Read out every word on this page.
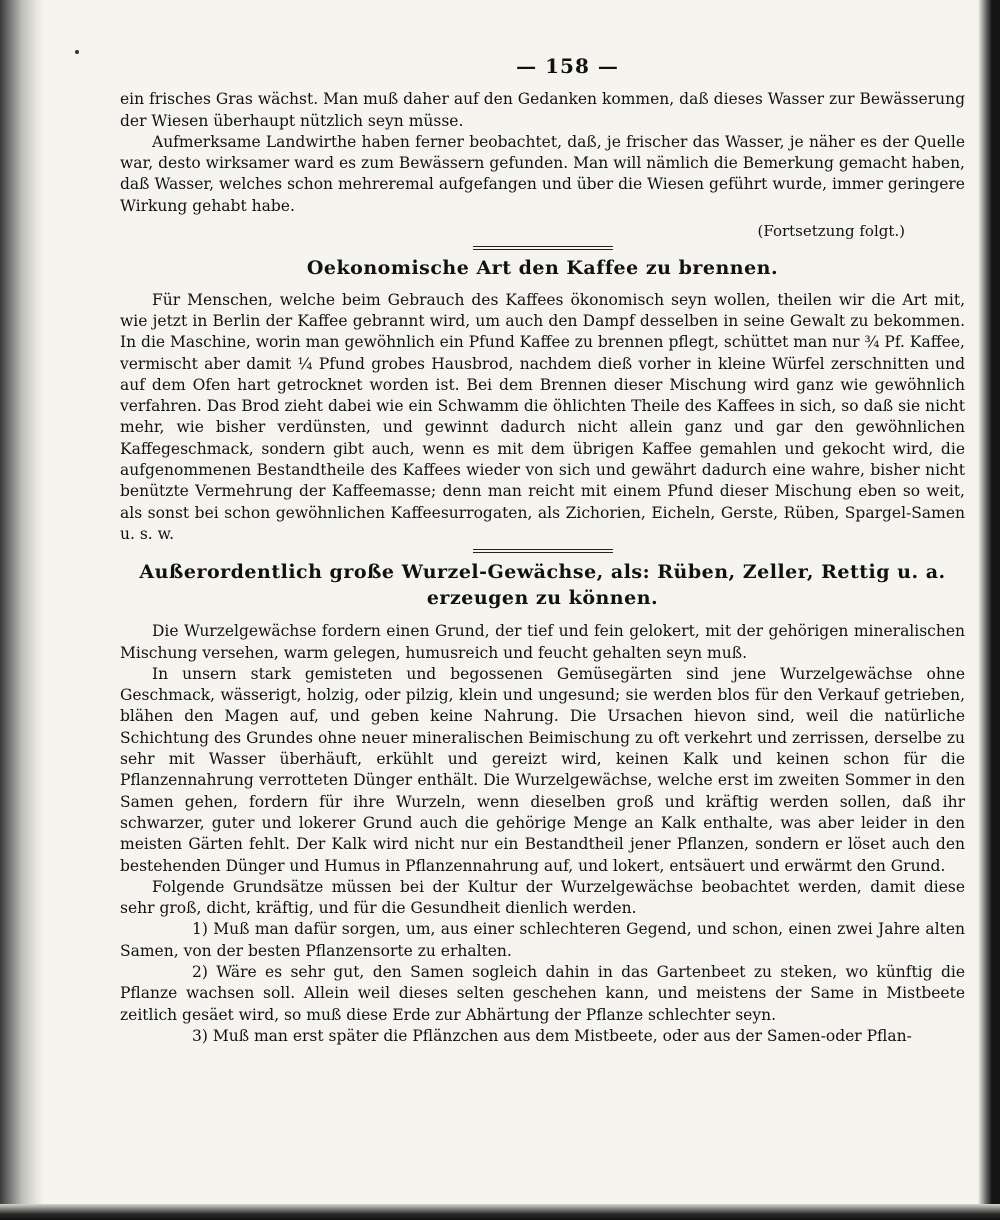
— 158 —

ein frisches Gras wächst. Man muß daher auf den Gedanken kommen, daß dieses Wasser zur Bewässerung der Wiesen überhaupt nützlich seyn müsse.

Aufmerksame Landwirthe haben ferner beobachtet, daß, je frischer das Wasser, je näher es der Quelle war, desto wirksamer ward es zum Bewässern gefunden. Man will nämlich die Bemerkung gemacht haben, daß Wasser, welches schon mehreremal aufgefangen und über die Wiesen geführt wurde, immer geringere Wirkung gehabt habe.

(Fortsetzung folgt.)
Oekonomische Art den Kaffee zu brennen.

Für Menschen, welche beim Gebrauch des Kaffees ökonomisch seyn wollen, theilen wir die Art mit, wie jetzt in Berlin der Kaffee gebrannt wird, um auch den Dampf desselben in seine Gewalt zu bekommen. In die Maschine, worin man gewöhnlich ein Pfund Kaffee zu brennen pflegt, schüttet man nur ¾ Pf. Kaffee, vermischt aber damit ¼ Pfund grobes Hausbrod, nachdem dieß vorher in kleine Würfel zerschnitten und auf dem Ofen hart getrocknet worden ist. Bei dem Brennen dieser Mischung wird ganz wie gewöhnlich verfahren. Das Brod zieht dabei wie ein Schwamm die öhlichten Theile des Kaffees in sich, so daß sie nicht mehr, wie bisher verdünsten, und gewinnt dadurch nicht allein ganz und gar den gewöhnlichen Kaffegeschmack, sondern gibt auch, wenn es mit dem übrigen Kaffee gemahlen und gekocht wird, die aufgenommenen Bestandtheile des Kaffees wieder von sich und gewährt dadurch eine wahre, bisher nicht benützte Vermehrung der Kaffeemasse; denn man reicht mit einem Pfund dieser Mischung eben so weit, als sonst bei schon gewöhnlichen Kaffeesurrogaten, als Zichorien, Eicheln, Gerste, Rüben, Spargel-Samen u. s. w.

Außerordentlich große Wurzel-Gewächse, als: Rüben, Zeller, Rettig u. a.
erzeugen zu können.

Die Wurzelgewächse fordern einen Grund, der tief und fein gelokert, mit der gehörigen mineralischen Mischung versehen, warm gelegen, humusreich und feucht gehalten seyn muß.

In unsern stark gemisteten und begossenen Gemüsegärten sind jene Wurzelgewächse ohne Geschmack, wässerigt, holzig, oder pilzig, klein und ungesund; sie werden blos für den Verkauf getrieben, blähen den Magen auf, und geben keine Nahrung. Die Ursachen hievon sind, weil die natürliche Schichtung des Grundes ohne neuer mineralischen Beimischung zu oft verkehrt und zerrissen, derselbe zu sehr mit Wasser überhäuft, erkühlt und gereizt wird, keinen Kalk und keinen schon für die Pflanzennahrung verrotteten Dünger enthält. Die Wurzelgewächse, welche erst im zweiten Sommer in den Samen gehen, fordern für ihre Wurzeln, wenn dieselben groß und kräftig werden sollen, daß ihr schwarzer, guter und lokerer Grund auch die gehörige Menge an Kalk enthalte, was aber leider in den meisten Gärten fehlt. Der Kalk wird nicht nur ein Bestandtheil jener Pflanzen, sondern er löset auch den bestehenden Dünger und Humus in Pflanzennahrung auf, und lokert, entsäuert und erwärmt den Grund.

Folgende Grundsätze müssen bei der Kultur der Wurzelgewächse beobachtet werden, damit diese sehr groß, dicht, kräftig, und für die Gesundheit dienlich werden.

1) Muß man dafür sorgen, um, aus einer schlechteren Gegend, und schon, einen zwei Jahre alten Samen, von der besten Pflanzensorte zu erhalten.

2) Wäre es sehr gut, den Samen sogleich dahin in das Gartenbeet zu steken, wo künftig die Pflanze wachsen soll. Allein weil dieses selten geschehen kann, und meistens der Same in Mistbeete zeitlich gesäet wird, so muß diese Erde zur Abhärtung der Pflanze schlechter seyn.

3) Muß man erst später die Pflänzchen aus dem Mistbeete, oder aus der Samen-oder Pflan-
